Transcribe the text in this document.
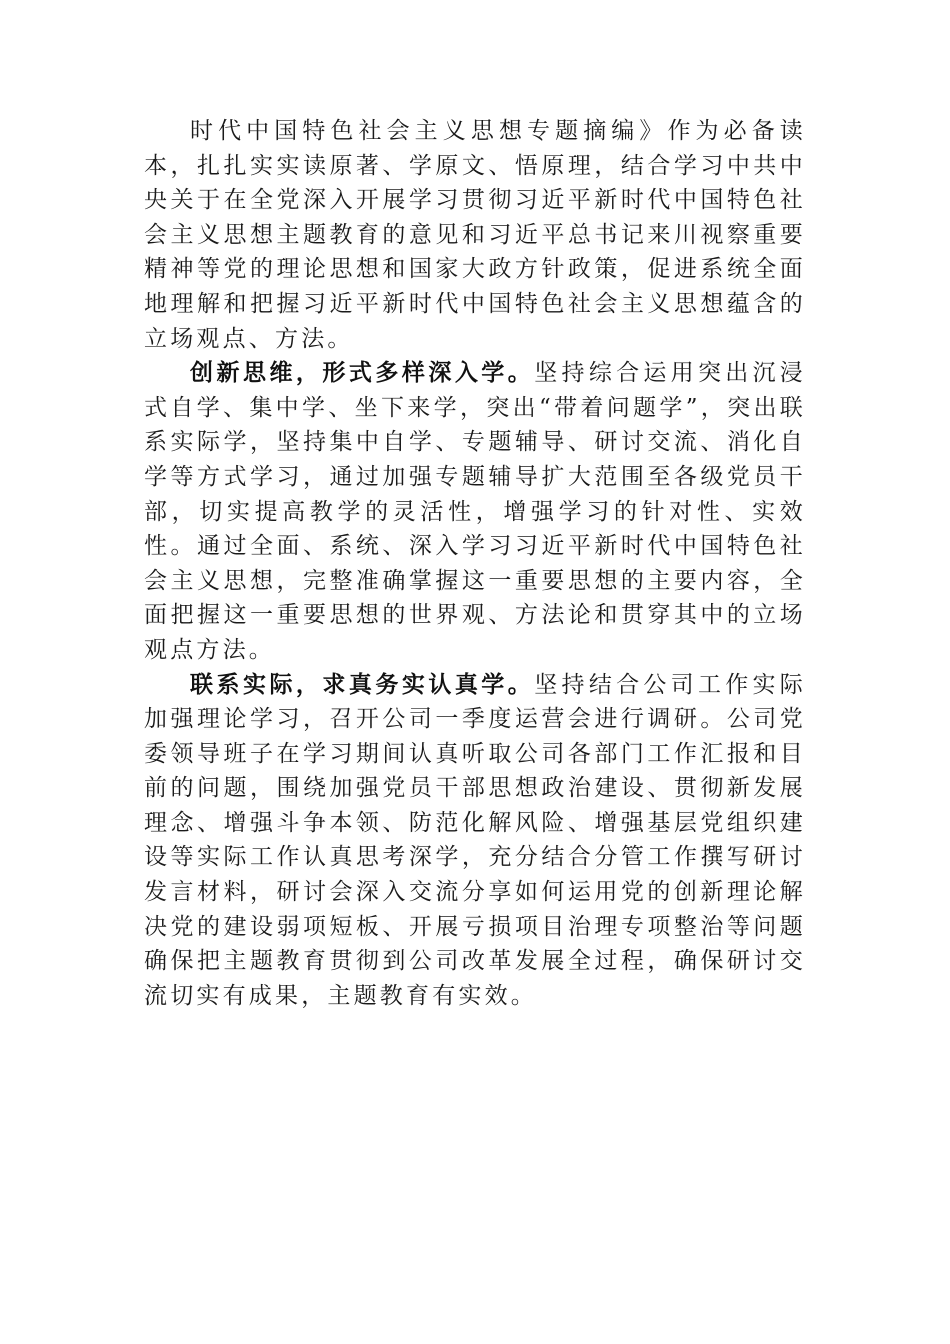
时代中国特色社会主义思想专题摘编》作为必备读本，扎扎实实读原著、学原文、悟原理，结合学习中共中央关于在全党深入开展学习贯彻习近平新时代中国特色社会主义思想主题教育的意见和习近平总书记来川视察重要精神等党的理论思想和国家大政方针政策，促进系统全面地理解和把握习近平新时代中国特色社会主义思想蕴含的立场观点、方法。

创新思维，形式多样深入学。坚持综合运用突出沉浸式自学、集中学、坐下来学，突出“带着问题学”，突出联系实际学，坚持集中自学、专题辅导、研讨交流、消化自学等方式学习，通过加强专题辅导扩大范围至各级党员干部，切实提高教学的灵活性，增强学习的针对性、实效性。通过全面、系统、深入学习习近平新时代中国特色社会主义思想，完整准确掌握这一重要思想的主要内容，全面把握这一重要思想的世界观、方法论和贯穿其中的立场观点方法。

联系实际，求真务实认真学。坚持结合公司工作实际加强理论学习，召开公司一季度运营会进行调研。公司党委领导班子在学习期间认真听取公司各部门工作汇报和目前的问题，围绕加强党员干部思想政治建设、贯彻新发展理念、增强斗争本领、防范化解风险、增强基层党组织建设等实际工作认真思考深学，充分结合分管工作撰写研讨发言材料，研讨会深入交流分享如何运用党的创新理论解决党的建设弱项短板、开展亏损项目治理专项整治等问题确保把主题教育贯彻到公司改革发展全过程，确保研讨交流切实有成果，主题教育有实效。
